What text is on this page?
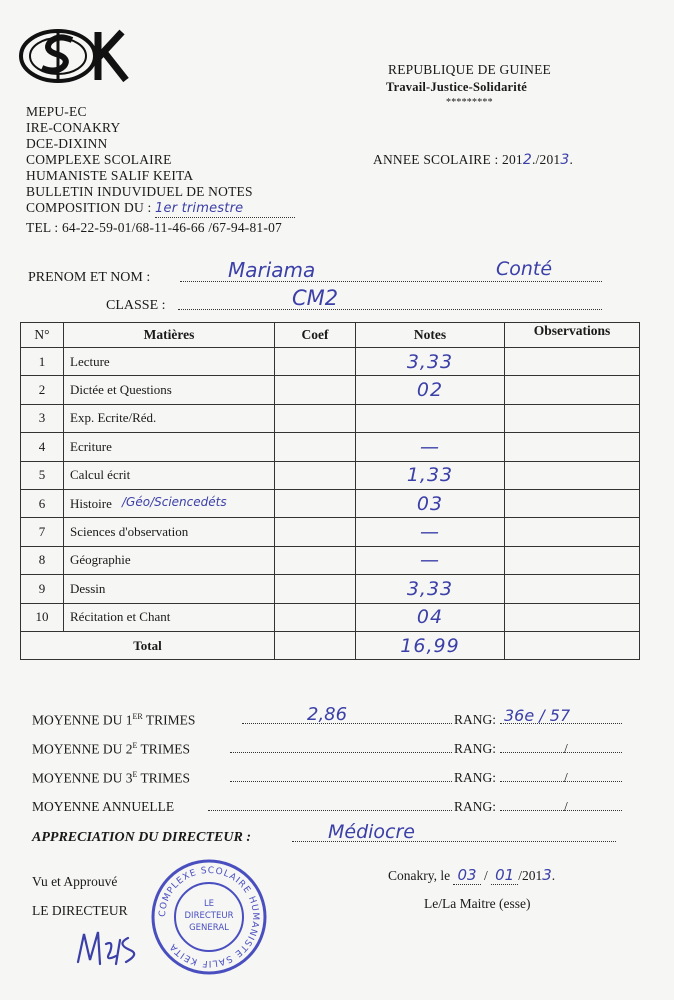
REPUBLIQUE DE GUINEE
Travail-Justice-Solidarité
*********
MEPU-EC
IRE-CONAKRY
DCE-DIXINN
COMPLEXE SCOLAIRE
HUMANISTE SALIF KEITA
BULLETIN INDUVIDUEL DE NOTES
COMPOSITION DU : 1er trimestre
TEL : 64-22-59-01/68-11-46-66 /67-94-81-07
ANNEE SCOLAIRE : 2012./2013.
PRENOM ET NOM :	Mariama	Conté
CLASSE :	CM2
N°	Matières	Coef	Notes	Observations
1	Lecture		3,33	
2	Dictée et Questions		02	
3	Exp. Ecrite/Réd.			
4	Ecriture		—	
5	Calcul écrit		1,33	
6	Histoire /Géo/Sciencedéts		03	
7	Sciences d'observation		—	
8	Géographie		—	
9	Dessin		3,33	
10	Récitation et Chant		04	
Total			16,99	
MOYENNE DU 1ER TRIMES	2,86	RANG: 36e / 57
MOYENNE DU $2^E$ TRIMES	RANG:	/
MOYENNE DU $3^E$ TRIMES	RANG:	/
MOYENNE ANNUELLE	RANG:	/
APPRECIATION DU DIRECTEUR :	Médiocre
Vu et Approuvé
LE DIRECTEUR
Conakry, le 03 / 01 /2013.
Le/La Maitre (esse)
COMPLEXE SCOLAIRE HUMANISTE SALIF KEITA
LE
DIRECTEUR
GENERAL
